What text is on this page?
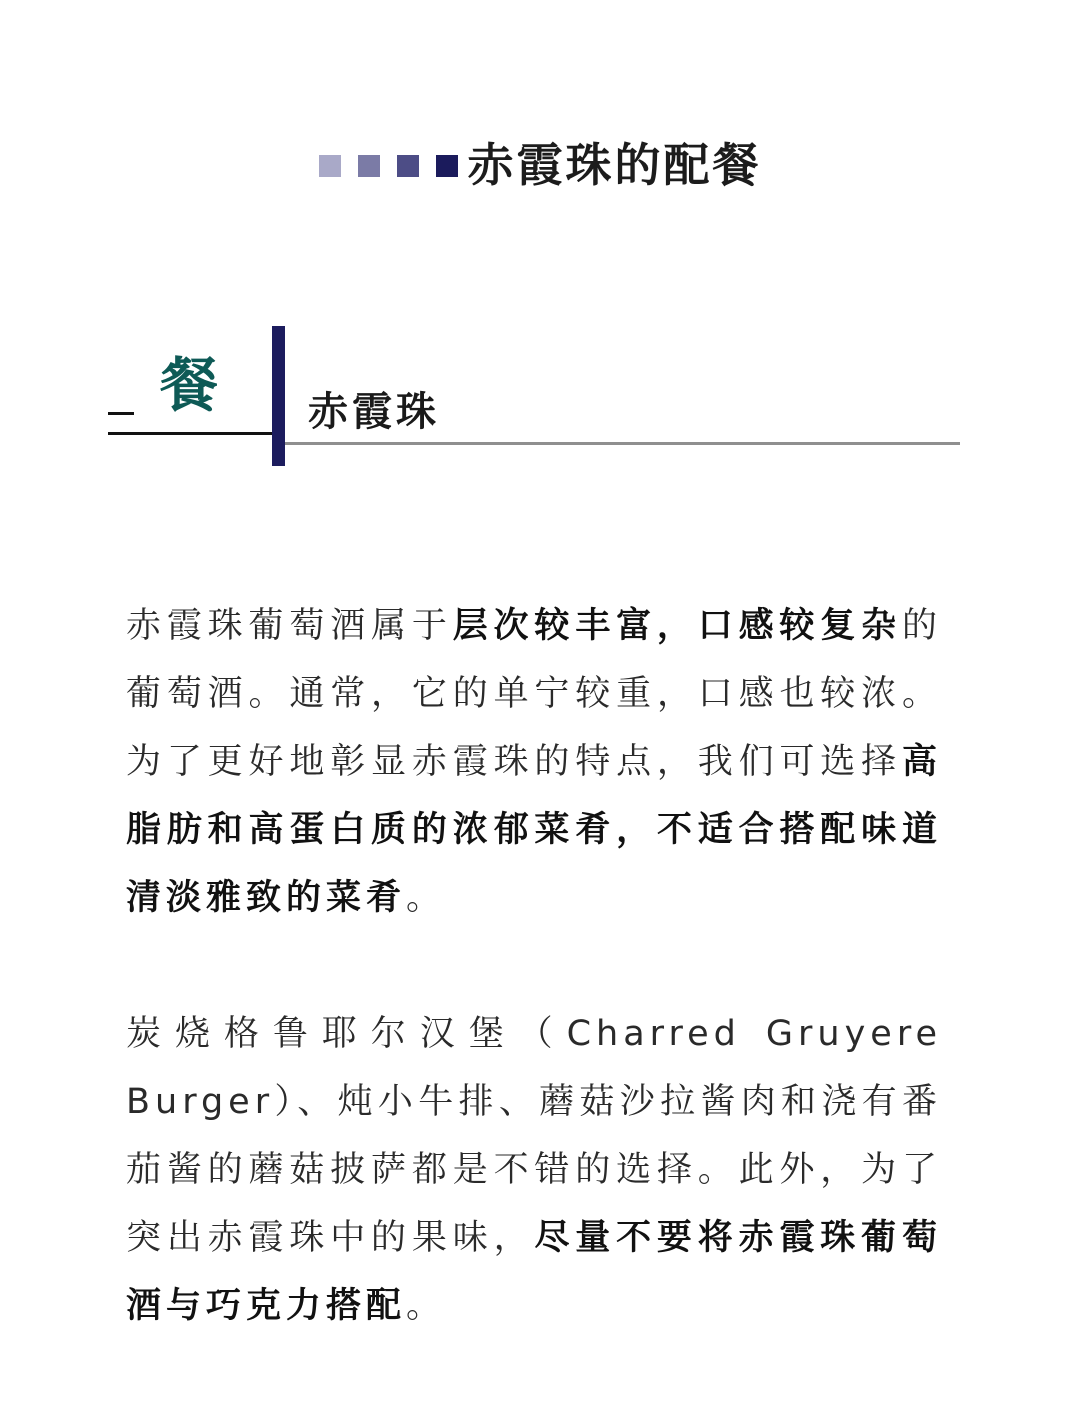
赤霞珠的配餐
餐 赤霞珠

赤霞珠葡萄酒属于层次较丰富，口感较复杂的葡萄酒。通常，它的单宁较重，口感也较浓。为了更好地彰显赤霞珠的特点，我们可选择高脂肪和高蛋白质的浓郁菜肴，不适合搭配味道清淡雅致的菜肴。

炭烧格鲁耶尔汉堡（Charred Gruyere Burger）、炖小牛排、蘑菇沙拉酱肉和浇有番茄酱的蘑菇披萨都是不错的选择。此外，为了突出赤霞珠中的果味，尽量不要将赤霞珠葡萄酒与巧克力搭配。
